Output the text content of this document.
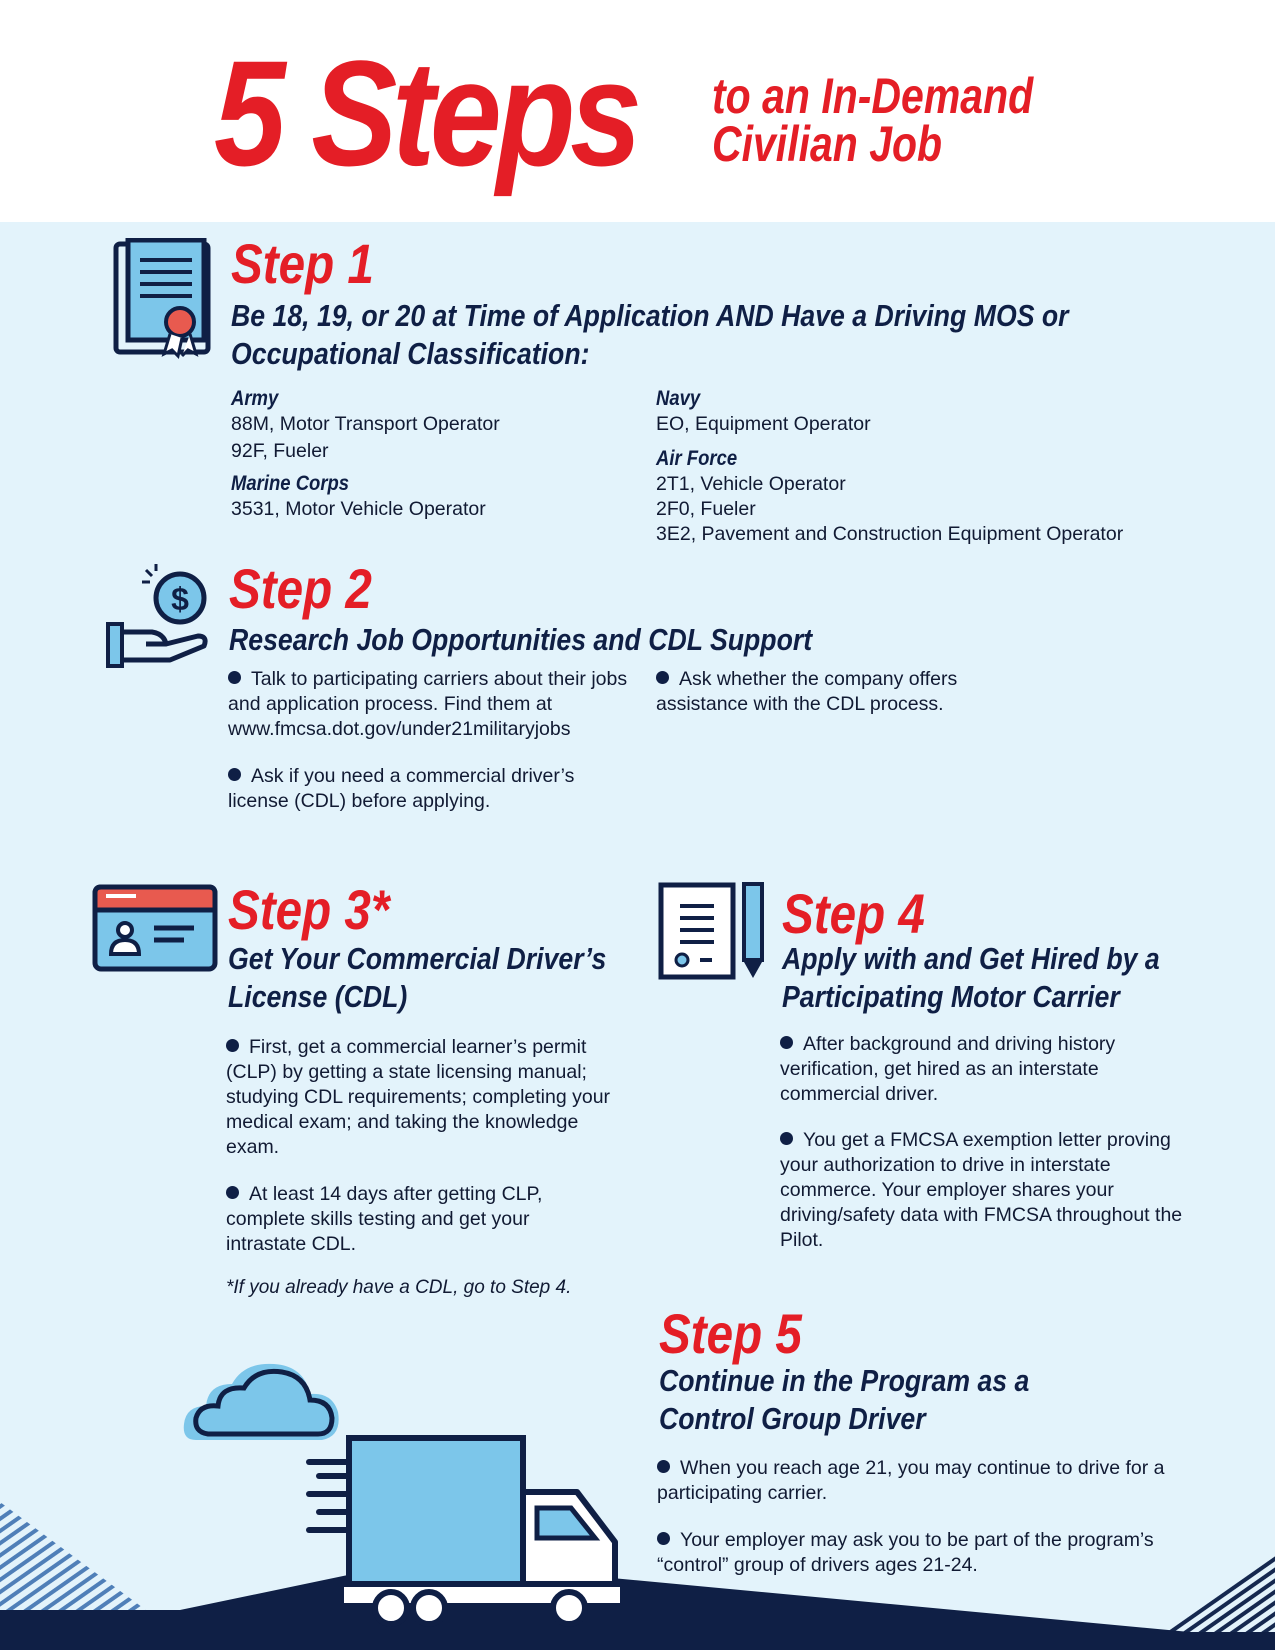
5 Steps to an In-Demand
Civilian Job
Step 1
Be 18, 19, or 20 at Time of Application AND Have a Driving MOS or Occupational Classification:
Army

88M, Motor Transport Operator

92F, Fueler

Marine Corps

3531, Motor Vehicle Operator

Navy

EO, Equipment Operator

Air Force

2T1, Vehicle Operator

2F0, Fueler

3E2, Pavement and Construction Equipment Operator

$ Step 2
Research Job Opportunities and CDL Support
Talk to participating carriers about their jobs and application process. Find them at www.fmcsa.dot.gov/under21militaryjobs
Ask if you need a commercial driver’s license (CDL) before applying.
Ask whether the company offers assistance with the CDL process.
Step 3*
Get Your Commercial Driver’s License (CDL)
First, get a commercial learner’s permit (CLP) by getting a state licensing manual; studying CDL requirements; completing your medical exam; and taking the knowledge exam.
At least 14 days after getting CLP, complete skills testing and get your intrastate CDL.
*If you already have a CDL, go to Step 4.
Step 4
Apply with and Get Hired by a Participating Motor Carrier
After background and driving history verification, get hired as an interstate commercial driver.
You get a FMCSA exemption letter proving your authorization to drive in interstate commerce. Your employer shares your driving/safety data with FMCSA throughout the Pilot.
Step 5
Continue in the Program as a Control Group Driver
When you reach age 21, you may continue to drive for a participating carrier.
Your employer may ask you to be part of the program’s “control” group of drivers ages 21-24.
